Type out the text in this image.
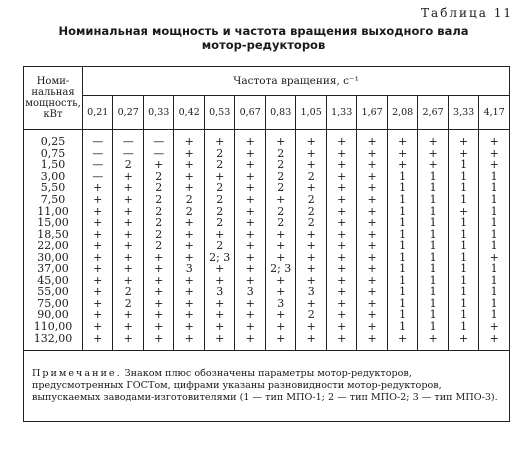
Таблица 11
Номинальная мощность и частота вращения выходного вала
мотор-редукторов
Номи-
нальная
мощность,
кВт	Частота вращения, с⁻¹													
	0,21	0,27	0,33	0,42	0,53	0,67	0,83	1,05	1,33	1,67	2,08	2,67	3,33	4,17
0,25	—	—	—	+	+	+	+	+	+	+	+	+	+	+
0,75	—	—	—	+	2	+	2	+	+	+	+	+	+	+
1,50	—	2	+	+	2	+	2	+	+	+	+	+	1	+
3,00	—	+	2	+	+	+	2	2	+	+	1	1	1	1
5,50	+	+	2	+	2	+	2	+	+	+	1	1	1	1
7,50	+	+	2	2	2	+	+	2	+	+	1	1	1	1
11,00	+	+	2	2	2	+	2	2	+	+	1	1	+	1
15,00	+	+	2	+	2	+	2	2	+	+	1	1	1	1
18,50	+	+	2	+	+	+	+	+	+	+	1	1	1	1
22,00	+	+	2	+	2	+	+	+	+	+	1	1	1	1
30,00	+	+	+	+	2; 3	+	+	+	+	+	1	1	1	+
37,00	+	+	+	3	+	+	2; 3	+	+	+	1	1	1	1
45,00	+	+	+	+	+	+	+	+	+	+	1	1	1	1
55,00	+	2	+	+	3	3	+	3	+	+	1	1	1	1
75,00	+	2	+	+	+	+	3	+	+	+	1	1	1	1
90,00	+	+	+	+	+	+	+	2	+	+	1	1	1	1
110,00	+	+	+	+	+	+	+	+	+	+	1	1	1	+
132,00	+	+	+	+	+	+	+	+	+	+	+	+	+	+
Примечание. Знаком плюс обозначены параметры мотор-редукторов, предусмотренных ГОСТом, цифрами указаны разновидности мотор-редукторов, выпускаемых заводами-изготовителями (1 — тип МПО-1; 2 — тип МПО-2; 3 — тип МПО-3).														
